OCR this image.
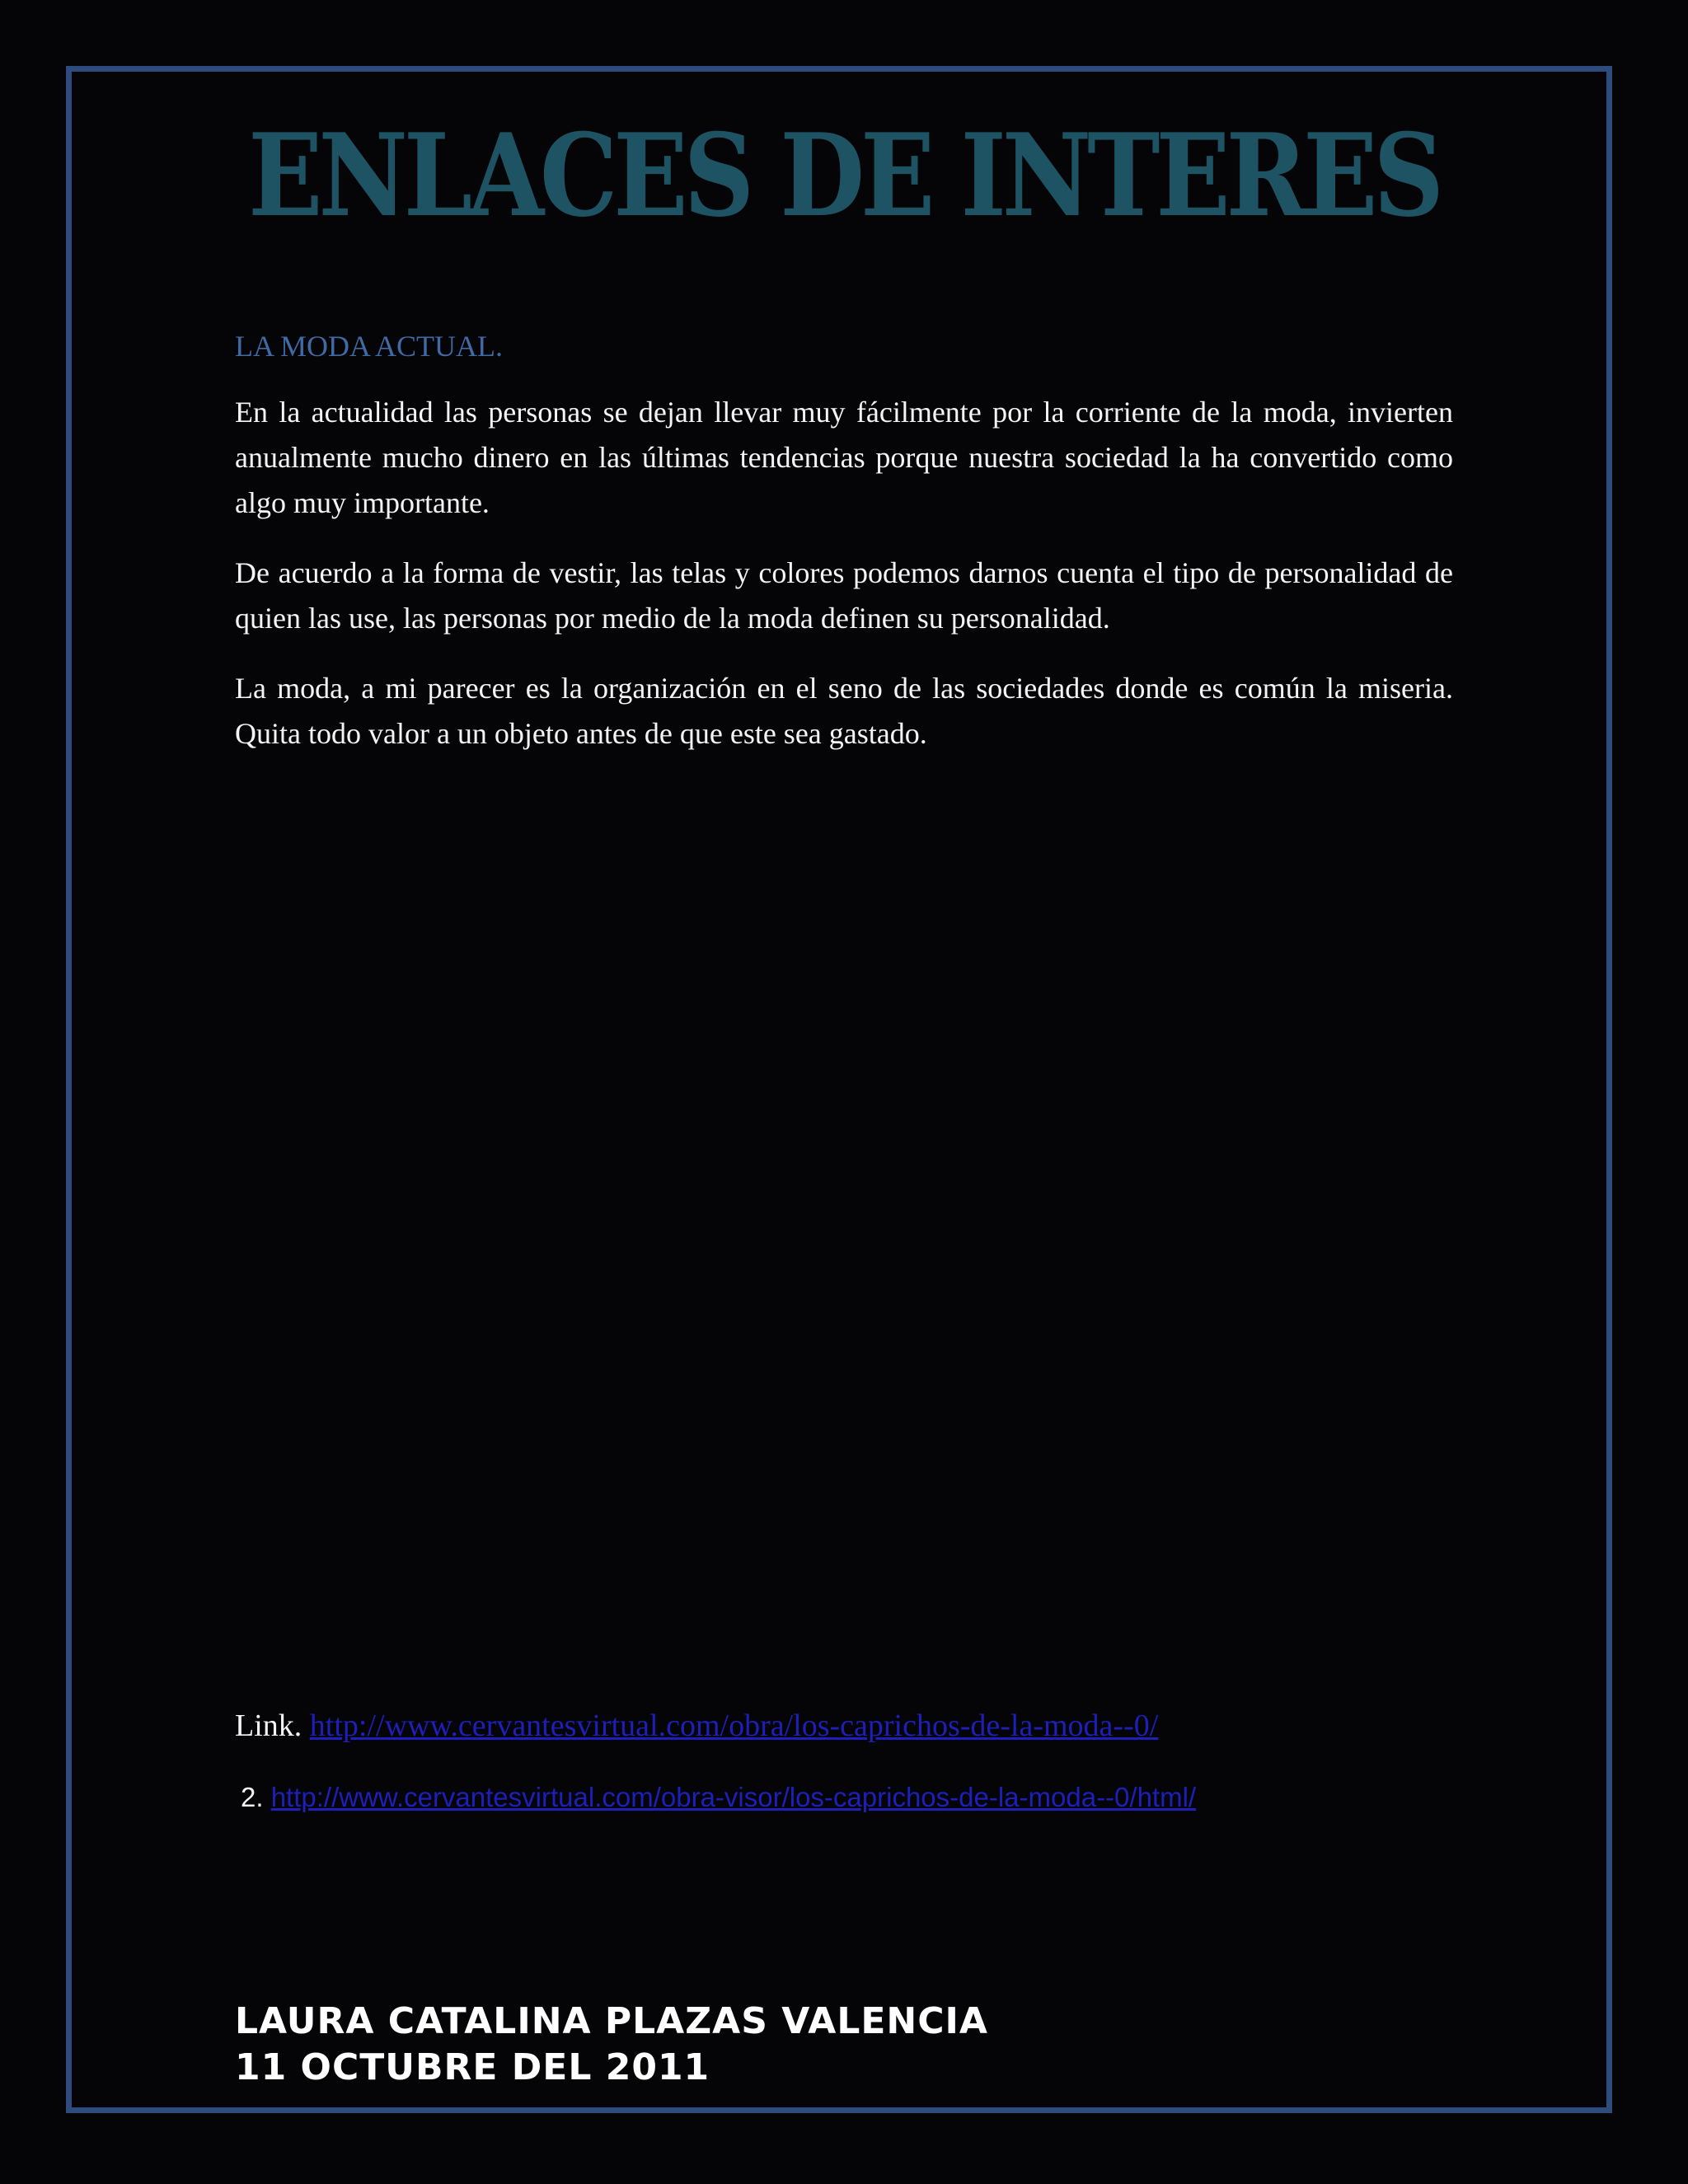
ENLACES DE INTERES
LA MODA ACTUAL.

En la actualidad las personas se dejan llevar muy fácilmente por la corriente de la moda, invierten anualmente mucho dinero en las últimas tendencias porque nuestra sociedad la ha convertido como algo muy importante.

De acuerdo a la forma de vestir, las telas y colores podemos darnos cuenta el tipo de personalidad de quien las use, las personas por medio de la moda definen su personalidad.

La moda, a mi parecer es la organización en el seno de las sociedades donde es común la miseria. Quita todo valor a un objeto antes de que este sea gastado.

Link. http://www.cervantesvirtual.com/obra/los-caprichos-de-la-moda--0/
2. http://www.cervantesvirtual.com/obra-visor/los-caprichos-de-la-moda--0/html/
LAURA CATALINA PLAZAS VALENCIA
11 OCTUBRE DEL 2011
